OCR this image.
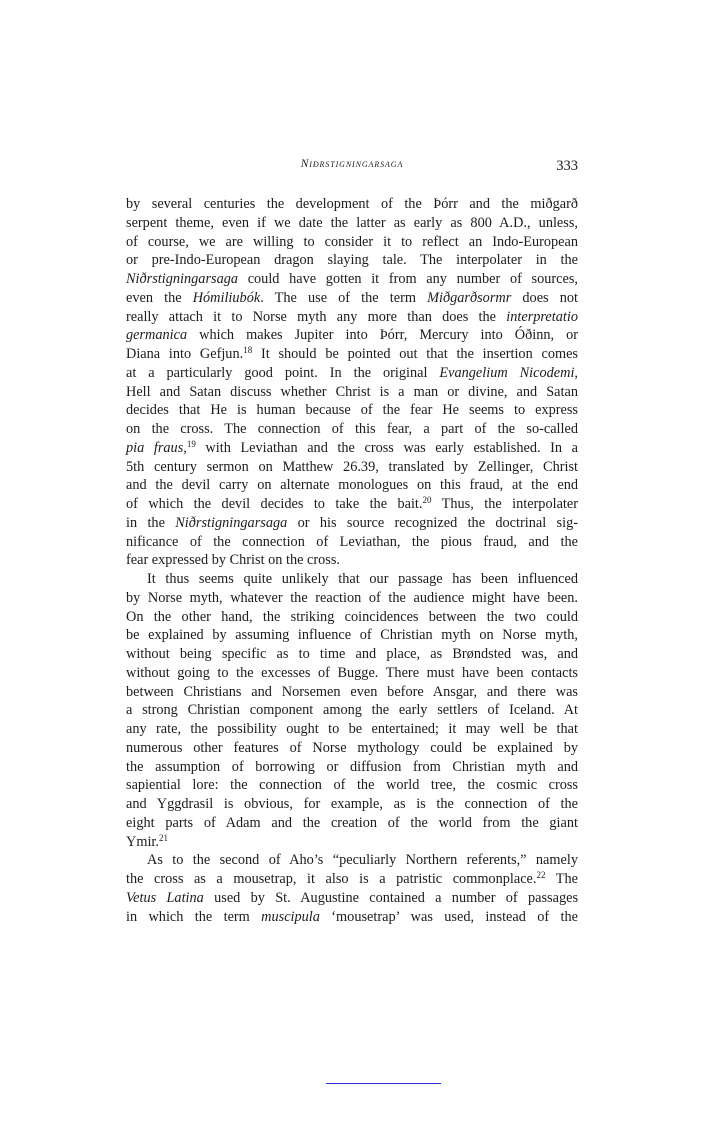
Niðrstigningarsaga	333
by several centuries the development of the Þórr and the miðgarð
serpent theme, even if we date the latter as early as 800 A.D., unless,
of course, we are willing to consider it to reflect an Indo-European
or pre-Indo-European dragon slaying tale. The interpolater in the
Niðrstigningarsaga could have gotten it from any number of sources,
even the Hómiliubók. The use of the term Miðgarðsormr does not
really attach it to Norse myth any more than does the interpretatio
germanica which makes Jupiter into Þórr, Mercury into Óðinn, or
Diana into Gefjun.$^{18}$ It should be pointed out that the insertion comes
at a particularly good point. In the original Evangelium Nicodemi,
Hell and Satan discuss whether Christ is a man or divine, and Satan
decides that He is human because of the fear He seems to express
on the cross. The connection of this fear, a part of the so-called
pia fraus,$^{19}$ with Leviathan and the cross was early established. In a
5th century sermon on Matthew 26.39, translated by Zellinger, Christ
and the devil carry on alternate monologues on this fraud, at the end
of which the devil decides to take the bait.$^{20}$ Thus, the interpolater
in the Niðrstigningarsaga or his source recognized the doctrinal sig-
nificance of the connection of Leviathan, the pious fraud, and the
fear expressed by Christ on the cross.
It thus seems quite unlikely that our passage has been influenced
by Norse myth, whatever the reaction of the audience might have been.
On the other hand, the striking coincidences between the two could
be explained by assuming influence of Christian myth on Norse myth,
without being specific as to time and place, as Brøndsted was, and
without going to the excesses of Bugge. There must have been contacts
between Christians and Norsemen even before Ansgar, and there was
a strong Christian component among the early settlers of Iceland. At
any rate, the possibility ought to be entertained; it may well be that
numerous other features of Norse mythology could be explained by
the assumption of borrowing or diffusion from Christian myth and
sapiential lore: the connection of the world tree, the cosmic cross
and Yggdrasil is obvious, for example, as is the connection of the
eight parts of Adam and the creation of the world from the giant
Ymir.$^{21}$
As to the second of Aho’s “peculiarly Northern referents,” namely
the cross as a mousetrap, it also is a patristic commonplace.$^{22}$ The
Vetus Latina used by St. Augustine contained a number of passages
in which the term muscipula ‘mousetrap’ was used, instead of the
